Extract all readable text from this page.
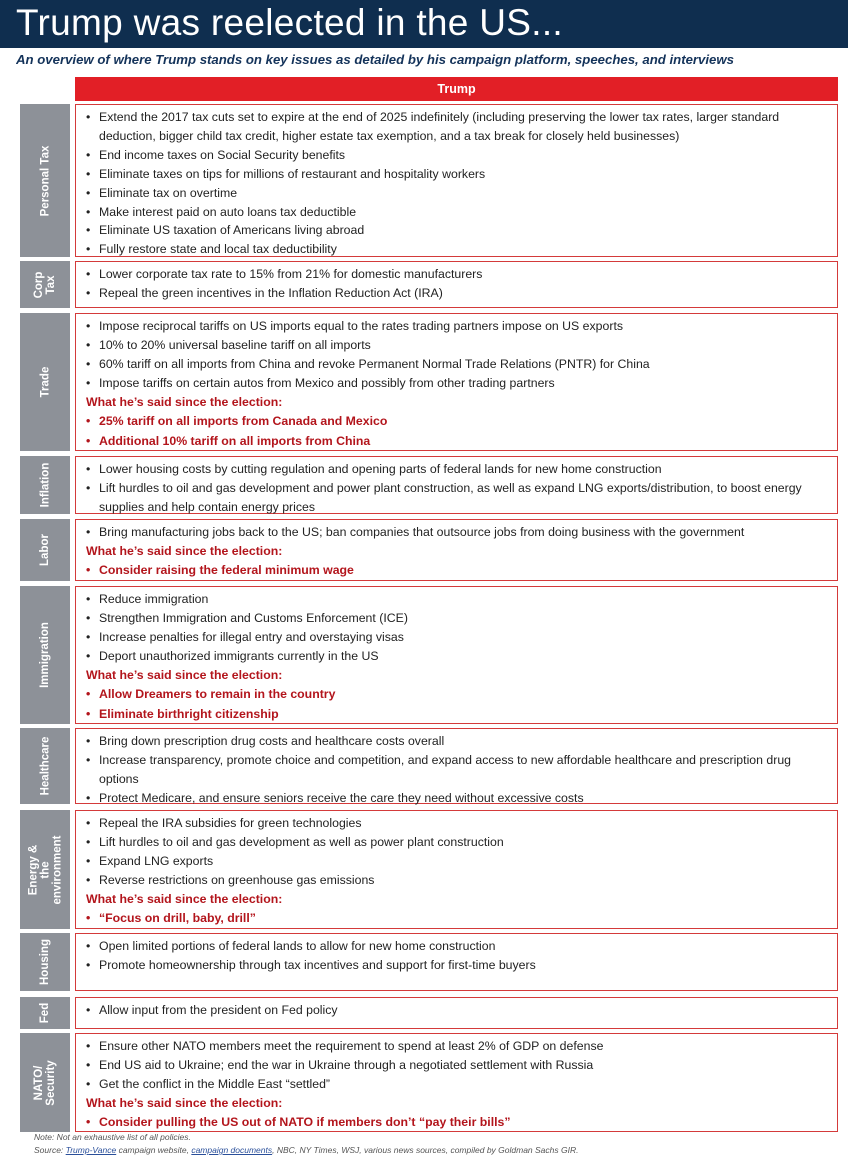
Trump was reelected in the US...
An overview of where Trump stands on key issues as detailed by his campaign platform, speeches, and interviews
Trump
Personal Tax
• Extend the 2017 tax cuts set to expire at the end of 2025 indefinitely (including preserving the lower tax rates, larger standard deduction, bigger child tax credit, higher estate tax exemption, and a tax break for closely held businesses)
• End income taxes on Social Security benefits
• Eliminate taxes on tips for millions of restaurant and hospitality workers
• Eliminate tax on overtime
• Make interest paid on auto loans tax deductible
• Eliminate US taxation of Americans living abroad
• Fully restore state and local tax deductibility
Corp Tax
• Lower corporate tax rate to 15% from 21% for domestic manufacturers
• Repeal the green incentives in the Inflation Reduction Act (IRA)
Trade
• Impose reciprocal tariffs on US imports equal to the rates trading partners impose on US exports
• 10% to 20% universal baseline tariff on all imports
• 60% tariff on all imports from China and revoke Permanent Normal Trade Relations (PNTR) for China
• Impose tariffs on certain autos from Mexico and possibly from other trading partners
What he’s said since the election:
• 25% tariff on all imports from Canada and Mexico
• Additional 10% tariff on all imports from China
Inflation	• Lower housing costs by cutting regulation and opening parts of federal lands for new home construction
• Lift hurdles to oil and gas development and power plant construction, as well as expand LNG exports/distribution, to boost energy supplies and help contain energy prices
Labor
• Bring manufacturing jobs back to the US; ban companies that outsource jobs from doing business with the government
What he’s said since the election:
• Consider raising the federal minimum wage
Immigration
• Reduce immigration
• Strengthen Immigration and Customs Enforcement (ICE)
• Increase penalties for illegal entry and overstaying visas
• Deport unauthorized immigrants currently in the US
What he’s said since the election:
• Allow Dreamers to remain in the country
• Eliminate birthright citizenship
Healthcare	• Bring down prescription drug costs and healthcare costs overall
• Increase transparency, promote choice and competition, and expand access to new affordable healthcare and prescription drug options
• Protect Medicare, and ensure seniors receive the care they need without excessive costs
Energy & the environment
• Repeal the IRA subsidies for green technologies
• Lift hurdles to oil and gas development as well as power plant construction
• Expand LNG exports
• Reverse restrictions on greenhouse gas emissions
What he’s said since the election:
• “Focus on drill, baby, drill”
Housing	• Open limited portions of federal lands to allow for new home construction
• Promote homeownership through tax incentives and support for first-time buyers
Fed	• Allow input from the president on Fed policy
NATO/ Security
• Ensure other NATO members meet the requirement to spend at least 2% of GDP on defense
• End US aid to Ukraine; end the war in Ukraine through a negotiated settlement with Russia
• Get the conflict in the Middle East “settled”
What he’s said since the election:
• Consider pulling the US out of NATO if members don’t “pay their bills”
Note: Not an exhaustive list of all policies.
Source: Trump-Vance campaign website, campaign documents, NBC, NY Times, WSJ, various news sources, compiled by Goldman Sachs GIR.
